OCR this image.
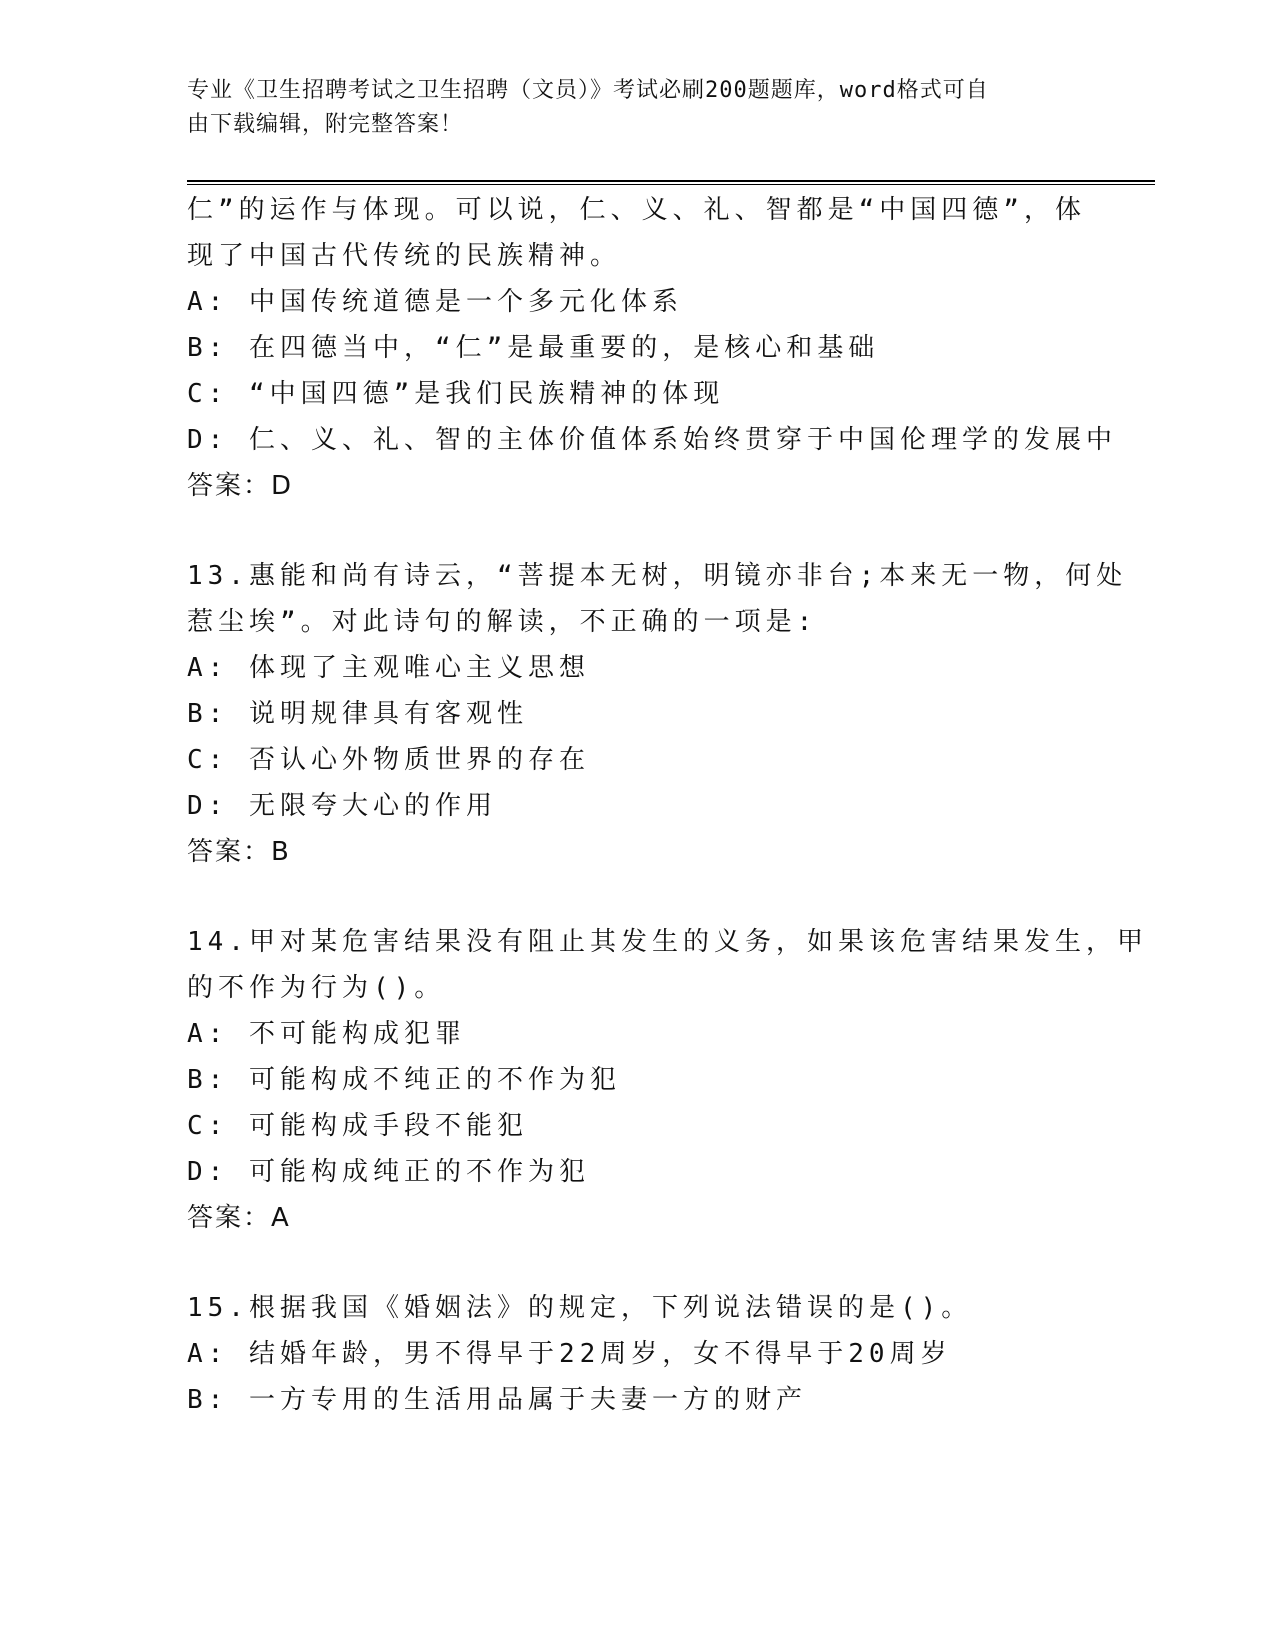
专业《卫生招聘考试之卫生招聘（文员）》考试必刷200题题库，word格式可自
由下载编辑，附完整答案！
仁”的运作与体现。可以说，仁、义、礼、智都是“中国四德”，体
现了中国古代传统的民族精神。
A: 中国传统道德是一个多元化体系
B: 在四德当中，“仁”是最重要的，是核心和基础
C: “中国四德”是我们民族精神的体现
D: 仁、义、礼、智的主体价值体系始终贯穿于中国伦理学的发展中
答案：D
13.惠能和尚有诗云，“菩提本无树，明镜亦非台;本来无一物，何处
惹尘埃”。对此诗句的解读，不正确的一项是:
A: 体现了主观唯心主义思想
B: 说明规律具有客观性
C: 否认心外物质世界的存在
D: 无限夸大心的作用
答案：B
14.甲对某危害结果没有阻止其发生的义务，如果该危害结果发生，甲
的不作为行为()。
A: 不可能构成犯罪
B: 可能构成不纯正的不作为犯
C: 可能构成手段不能犯
D: 可能构成纯正的不作为犯
答案：A
15.根据我国《婚姻法》的规定，下列说法错误的是()。
A: 结婚年龄，男不得早于22周岁，女不得早于20周岁
B: 一方专用的生活用品属于夫妻一方的财产
